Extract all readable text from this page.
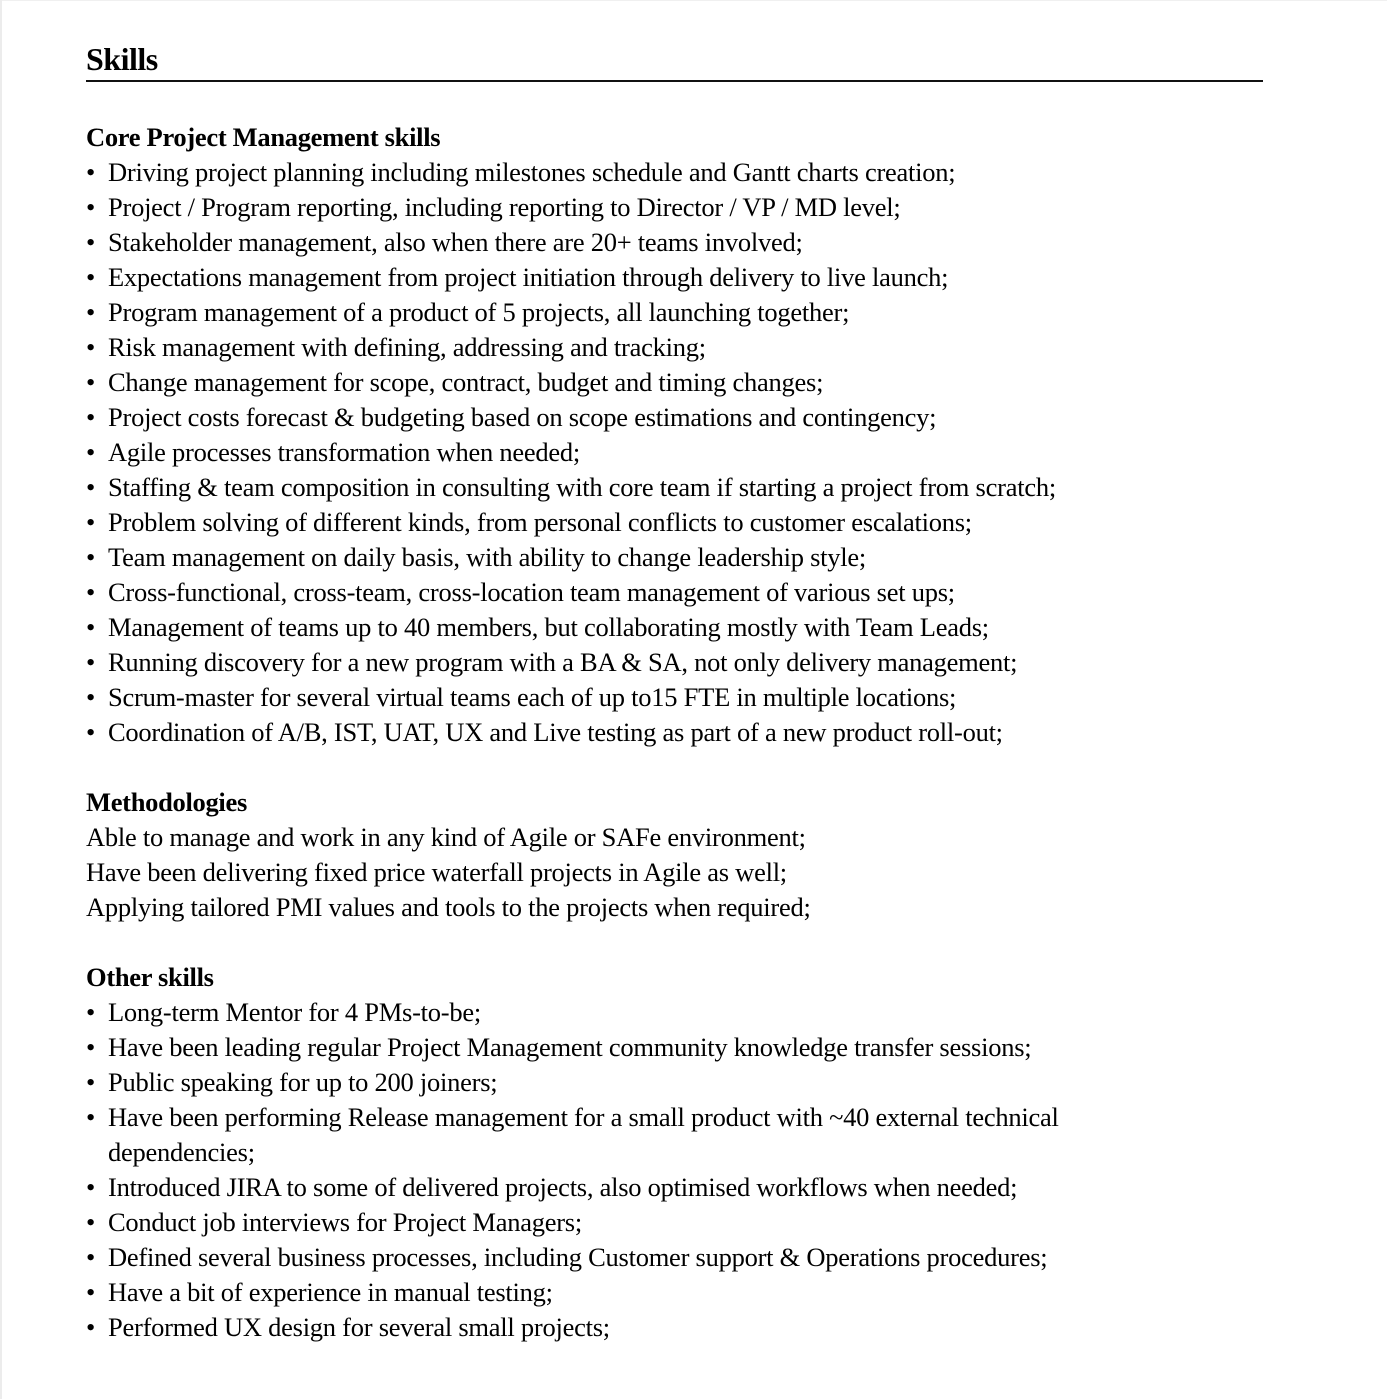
Skills
Core Project Management skills
• Driving project planning including milestones schedule and Gantt charts creation;
• Project / Program reporting, including reporting to Director / VP / MD level;
• Stakeholder management, also when there are 20+ teams involved;
• Expectations management from project initiation through delivery to live launch;
• Program management of a product of 5 projects, all launching together;
• Risk management with defining, addressing and tracking;
• Change management for scope, contract, budget and timing changes;
• Project costs forecast & budgeting based on scope estimations and contingency;
• Agile processes transformation when needed;
• Staffing & team composition in consulting with core team if starting a project from scratch;
• Problem solving of different kinds, from personal conflicts to customer escalations;
• Team management on daily basis, with ability to change leadership style;
• Cross-functional, cross-team, cross-location team management of various set ups;
• Management of teams up to 40 members, but collaborating mostly with Team Leads;
• Running discovery for a new program with a BA & SA, not only delivery management;
• Scrum-master for several virtual teams each of up to15 FTE in multiple locations;
• Coordination of A/B, IST, UAT, UX and Live testing as part of a new product roll-out;
Methodologies

Able to manage and work in any kind of Agile or SAFe environment;

Have been delivering fixed price waterfall projects in Agile as well;

Applying tailored PMI values and tools to the projects when required;

Other skills
• Long-term Mentor for 4 PMs-to-be;
• Have been leading regular Project Management community knowledge transfer sessions;
• Public speaking for up to 200 joiners;
• Have been performing Release management for a small product with ~40 external technical dependencies;
• Introduced JIRA to some of delivered projects, also optimised workflows when needed;
• Conduct job interviews for Project Managers;
• Defined several business processes, including Customer support & Operations procedures;
• Have a bit of experience in manual testing;
• Performed UX design for several small projects;
